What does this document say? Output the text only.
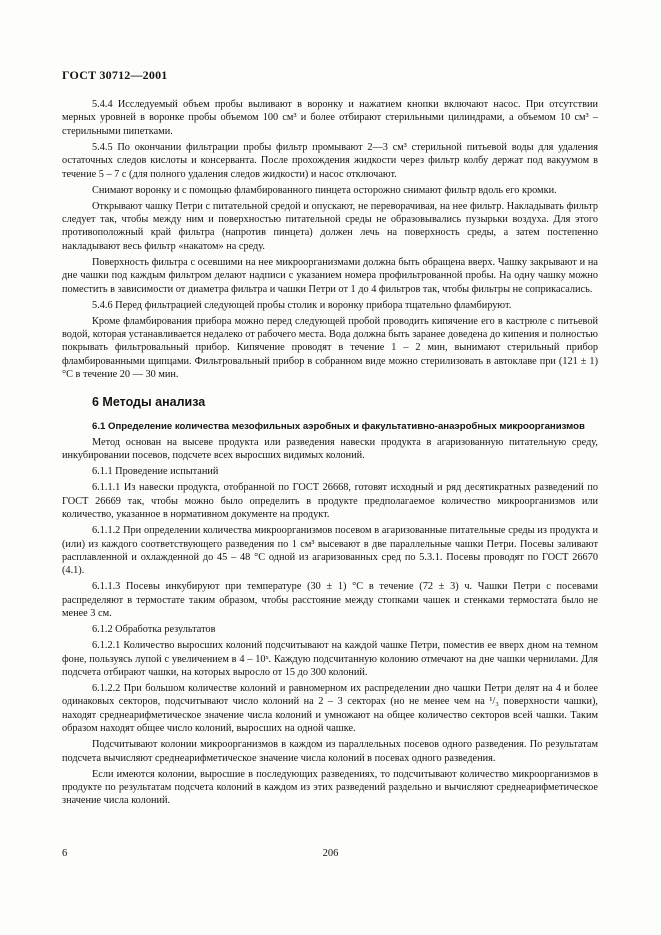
ГОСТ 30712—2001

5.4.4 Исследуемый объем пробы выливают в воронку и нажатием кнопки включают насос. При отсутствии мерных уровней в воронке пробы объемом 100 см³ и более отбирают стерильными цилиндрами, а объемом 10 см³ – стерильными пипетками.

5.4.5 По окончании фильтрации пробы фильтр промывают 2—3 см³ стерильной питьевой воды для удаления остаточных следов кислоты и консерванта. После прохождения жидкости через фильтр колбу держат под вакуумом в течение 5 – 7 с (для полного удаления следов жидкости) и насос отключают.

Снимают воронку и с помощью фламбированного пинцета осторожно снимают фильтр вдоль его кромки.

Открывают чашку Петри с питательной средой и опускают, не переворачивая, на нее фильтр. Накладывать фильтр следует так, чтобы между ним и поверхностью питательной среды не образовывались пузырьки воздуха. Для этого противоположный край фильтра (напротив пинцета) должен лечь на поверхность среды, а затем постепенно накладывают весь фильтр «накатом» на среду.

Поверхность фильтра с осевшими на нее микроорганизмами должна быть обращена вверх. Чашку закрывают и на дне чашки под каждым фильтром делают надписи с указанием номера профильтрованной пробы. На одну чашку можно поместить в зависимости от диаметра фильтра и чашки Петри от 1 до 4 фильтров так, чтобы фильтры не соприкасались.

5.4.6 Перед фильтрацией следующей пробы столик и воронку прибора тщательно фламбируют.

Кроме фламбирования прибора можно перед следующей пробой проводить кипячение его в кастрюле с питьевой водой, которая устанавливается недалеко от рабочего места. Вода должна быть заранее доведена до кипения и полностью покрывать фильтровальный прибор. Кипячение проводят в течение 1 – 2 мин, вынимают стерильный прибор фламбированными щипцами. Фильтровальный прибор в собранном виде можно стерилизовать в автоклаве при (121 ± 1) °С в течение 20 — 30 мин.

6 Методы анализа
6.1 Определение количества мезофильных аэробных и факультативно-анаэробных микроорганизмов

Метод основан на высеве продукта или разведения навески продукта в агаризованную питательную среду, инкубировании посевов, подсчете всех выросших видимых колоний.

6.1.1 Проведение испытаний

6.1.1.1 Из навески продукта, отобранной по ГОСТ 26668, готовят исходный и ряд десятикратных разведений по ГОСТ 26669 так, чтобы можно было определить в продукте предполагаемое количество микроорганизмов или количество, указанное в нормативном документе на продукт.

6.1.1.2 При определении количества микроорганизмов посевом в агаризованные питательные среды из продукта и (или) из каждого соответствующего разведения по 1 см³ высевают в две параллельные чашки Петри. Посевы заливают расплавленной и охлажденной до 45 – 48 °С одной из агаризованных сред по 5.3.1. Посевы проводят по ГОСТ 26670 (4.1).

6.1.1.3 Посевы инкубируют при температуре (30 ± 1) °С в течение (72 ± 3) ч. Чашки Петри с посевами распределяют в термостате таким образом, чтобы расстояние между стопками чашек и стенками термостата было не менее 3 см.

6.1.2 Обработка результатов

6.1.2.1 Количество выросших колоний подсчитывают на каждой чашке Петри, поместив ее вверх дном на темном фоне, пользуясь лупой с увеличением в 4 – 10ˣ. Каждую подсчитанную колонию отмечают на дне чашки чернилами. Для подсчета отбирают чашки, на которых выросло от 15 до 300 колоний.

6.1.2.2 При большом количестве колоний и равномерном их распределении дно чашки Петри делят на 4 и более одинаковых секторов, подсчитывают число колоний на 2 – 3 секторах (но не менее чем на ¹/₃ поверхности чашки), находят среднеарифметическое значение числа колоний и умножают на общее количество секторов всей чашки. Таким образом находят общее число колоний, выросших на одной чашке.

Подсчитывают колонии микроорганизмов в каждом из параллельных посевов одного разведения. По результатам подсчета вычисляют среднеарифметическое значение числа колоний в посевах одного разведения.

Если имеются колонии, выросшие в последующих разведениях, то подсчитывают количество микроорганизмов в продукте по результатам подсчета колоний в каждом из этих разведений раздельно и вычисляют среднеарифметическое значение числа колоний.

6	206
